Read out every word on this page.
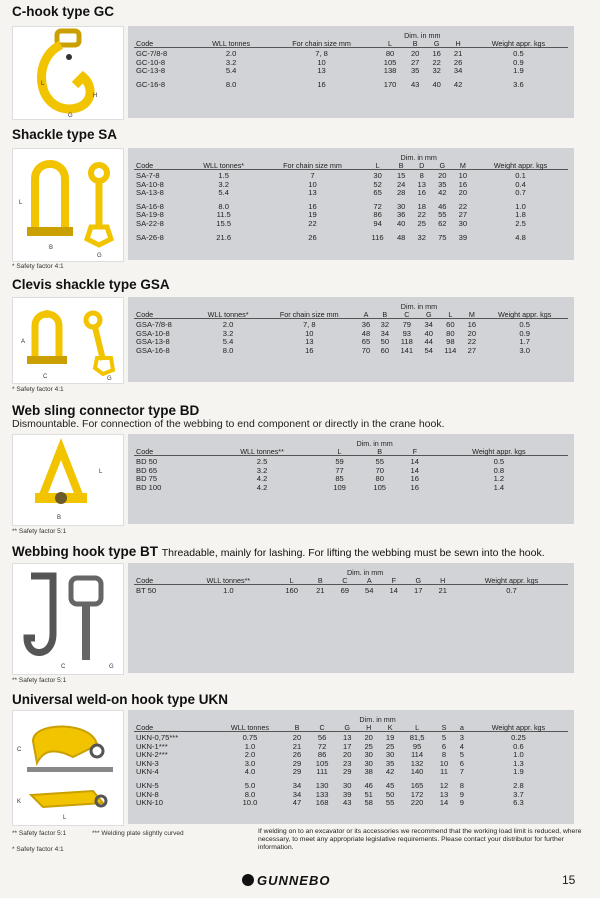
C-hook type GC
L
H
G
			Dim. in mm				
Code	WLL tonnes	For chain size mm	L	B	G	H	Weight appr. kgs

GC-7/8-8	2.0	7, 8	80	20	16	21	0.5
GC-10-8	3.2	10	105	27	22	26	0.9
GC-13-8	5.4	13	138	35	32	34	1.9

GC-16-8	8.0	16	170	43	40	42	3.6
Shackle type SA
B
G
L
			Dim. in mm					
Code	WLL tonnes*	For chain size mm	L	B	D	G	M	Weight appr. kgs

SA-7-8	1.5	7	30	15	8	20	10	0.1
SA-10-8	3.2	10	52	24	13	35	16	0.4
SA-13-8	5.4	13	65	28	16	42	20	0.7

SA-16-8	8.0	16	72	30	18	46	22	1.0
SA-19-8	11.5	19	86	36	22	55	27	1.8
SA-22-8	15.5	22	94	40	25	62	30	2.5

SA-26-8	21.6	26	116	48	32	75	39	4.8
* Safety factor 4:1
Clevis shackle type GSA
A
C	G
			Dim. in mm						
Code	WLL tonnes*	For chain size mm	A	B	C	G	L	M	Weight appr. kgs

GSA-7/8-8	2.0	7, 8	36	32	79	34	60	16	0.5
GSA-10-8	3.2	10	48	34	93	40	80	20	0.9
GSA-13-8	5.4	13	65	50	118	44	98	22	1.7
GSA-16-8	8.0	16	70	60	141	54	114	27	3.0
* Safety factor 4:1
Web sling connector type BD
Dismountable. For connection of the webbing to end component or directly in the crane hook.
L
B
		Dim. in mm			
Code	WLL tonnes**	L	B	F	Weight appr. kgs

BD 50	2.5	59	55	14	0.5
BD 65	3.2	77	70	14	0.8
BD 75	4.2	85	80	16	1.2
BD 100	4.2	109	105	16	1.4
** Safety factor 5:1
Webbing hook type BT Threadable, mainly for lashing. For lifting the webbing must be sewn into the hook.
C	G
		Dim. in mm							
Code	WLL tonnes**	L	B	C	A	F	G	H	Weight appr. kgs

BT 50	1.0	160	21	69	54	14	17	21	0.7
** Safety factor 5:1
Universal weld-on hook type UKN
C
K
L
		Dim. in mm								
Code	WLL tonnes	B	C	G	H	K	L	S	a	Weight appr. kgs

UKN-0,75***	0.75	20	56	13	20	19	81,5	5	3	0.25
UKN-1***	1.0	21	72	17	25	25	95	6	4	0.6
UKN-2***	2.0	26	86	20	30	30	114	8	5	1.0
UKN-3	3.0	29	105	23	30	35	132	10	6	1.3
UKN-4	4.0	29	111	29	38	42	140	11	7	1.9

UKN-5	5.0	34	130	30	46	45	165	12	8	2.8
UKN-8	8.0	34	133	39	51	50	172	13	9	3.7
UKN-10	10.0	47	168	43	58	55	220	14	9	6.3
** Safety factor 5:1	*** Welding plate slightly curved
* Safety factor 4:1
If welding on to an excavator or its accessories we recommend that the working load limit is reduced, where necessary, to meet any appropriate legislative requirements. Please contact your distributor for further information.
GUNNEBO	15
